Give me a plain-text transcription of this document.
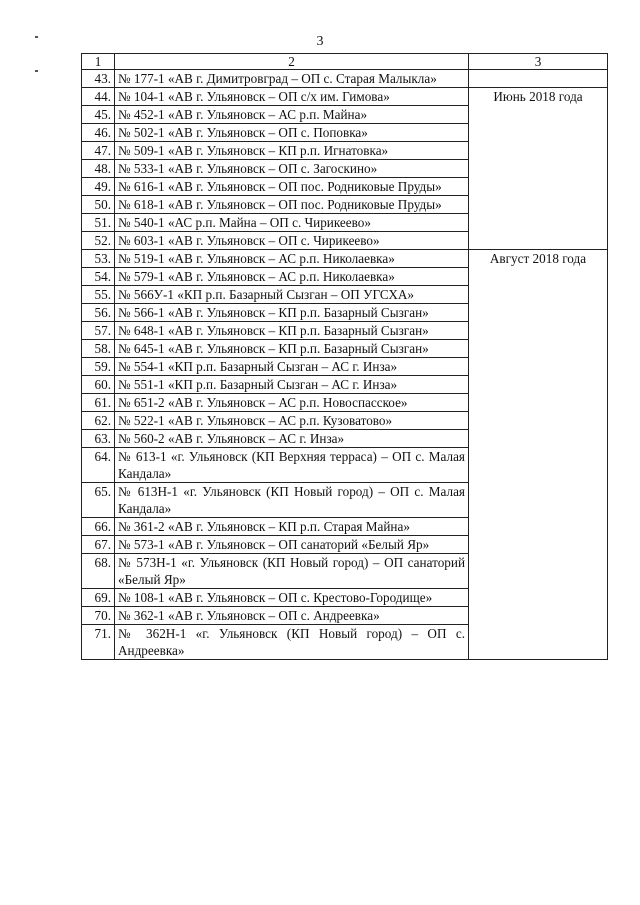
3
1	2	3
43.	№ 177-1 «АВ г. Димитровград – ОП с. Старая Малыкла»	
44.	№ 104-1 «АВ г. Ульяновск – ОП с/х им. Гимова»	Июнь 2018 года
45.	№ 452-1 «АВ г. Ульяновск – АС р.п. Майна»	
46.	№ 502-1 «АВ г. Ульяновск – ОП с. Поповка»	
47.	№ 509-1 «АВ г. Ульяновск – КП р.п. Игнатовка»	
48.	№ 533-1 «АВ г. Ульяновск – ОП с. Загоскино»	
49.	№ 616-1 «АВ г. Ульяновск – ОП пос. Родниковые Пруды»	
50.	№ 618-1 «АВ г. Ульяновск – ОП пос. Родниковые Пруды»	
51.	№ 540-1 «АС р.п. Майна – ОП с. Чирикеево»	
52.	№ 603-1 «АВ г. Ульяновск – ОП с. Чирикеево»	
53.	№ 519-1 «АВ г. Ульяновск – АС р.п. Николаевка»	Август 2018 года
54.	№ 579-1 «АВ г. Ульяновск – АС р.п. Николаевка»	
55.	№ 566У-1 «КП р.п. Базарный Сызган – ОП УГСХА»	
56.	№ 566-1 «АВ г. Ульяновск – КП р.п. Базарный Сызган»	
57.	№ 648-1 «АВ г. Ульяновск – КП р.п. Базарный Сызган»	
58.	№ 645-1 «АВ г. Ульяновск – КП р.п. Базарный Сызган»	
59.	№ 554-1 «КП р.п. Базарный Сызган – АС г. Инза»	
60.	№ 551-1 «КП р.п. Базарный Сызган – АС г. Инза»	
61.	№ 651-2 «АВ г. Ульяновск – АС р.п. Новоспасское»	
62.	№ 522-1 «АВ г. Ульяновск – АС р.п. Кузоватово»	
63.	№ 560-2 «АВ г. Ульяновск – АС г. Инза»	
64.	№ 613-1 «г. Ульяновск (КП Верхняя терраса) – ОП с. Малая Кандала»	
65.	№ 613Н-1 «г. Ульяновск (КП Новый город) – ОП с. Малая Кандала»	
66.	№ 361-2 «АВ г. Ульяновск – КП р.п. Старая Майна»	
67.	№ 573-1 «АВ г. Ульяновск – ОП санаторий «Белый Яр»	
68.	№ 573Н-1 «г. Ульяновск (КП Новый город) – ОП санаторий «Белый Яр»	
69.	№ 108-1 «АВ г. Ульяновск – ОП с. Крестово-Городище»	
70.	№ 362-1 «АВ г. Ульяновск – ОП с. Андреевка»	
71.	№ 362Н-1 «г. Ульяновск (КП Новый город) – ОП с. Андреевка»	
